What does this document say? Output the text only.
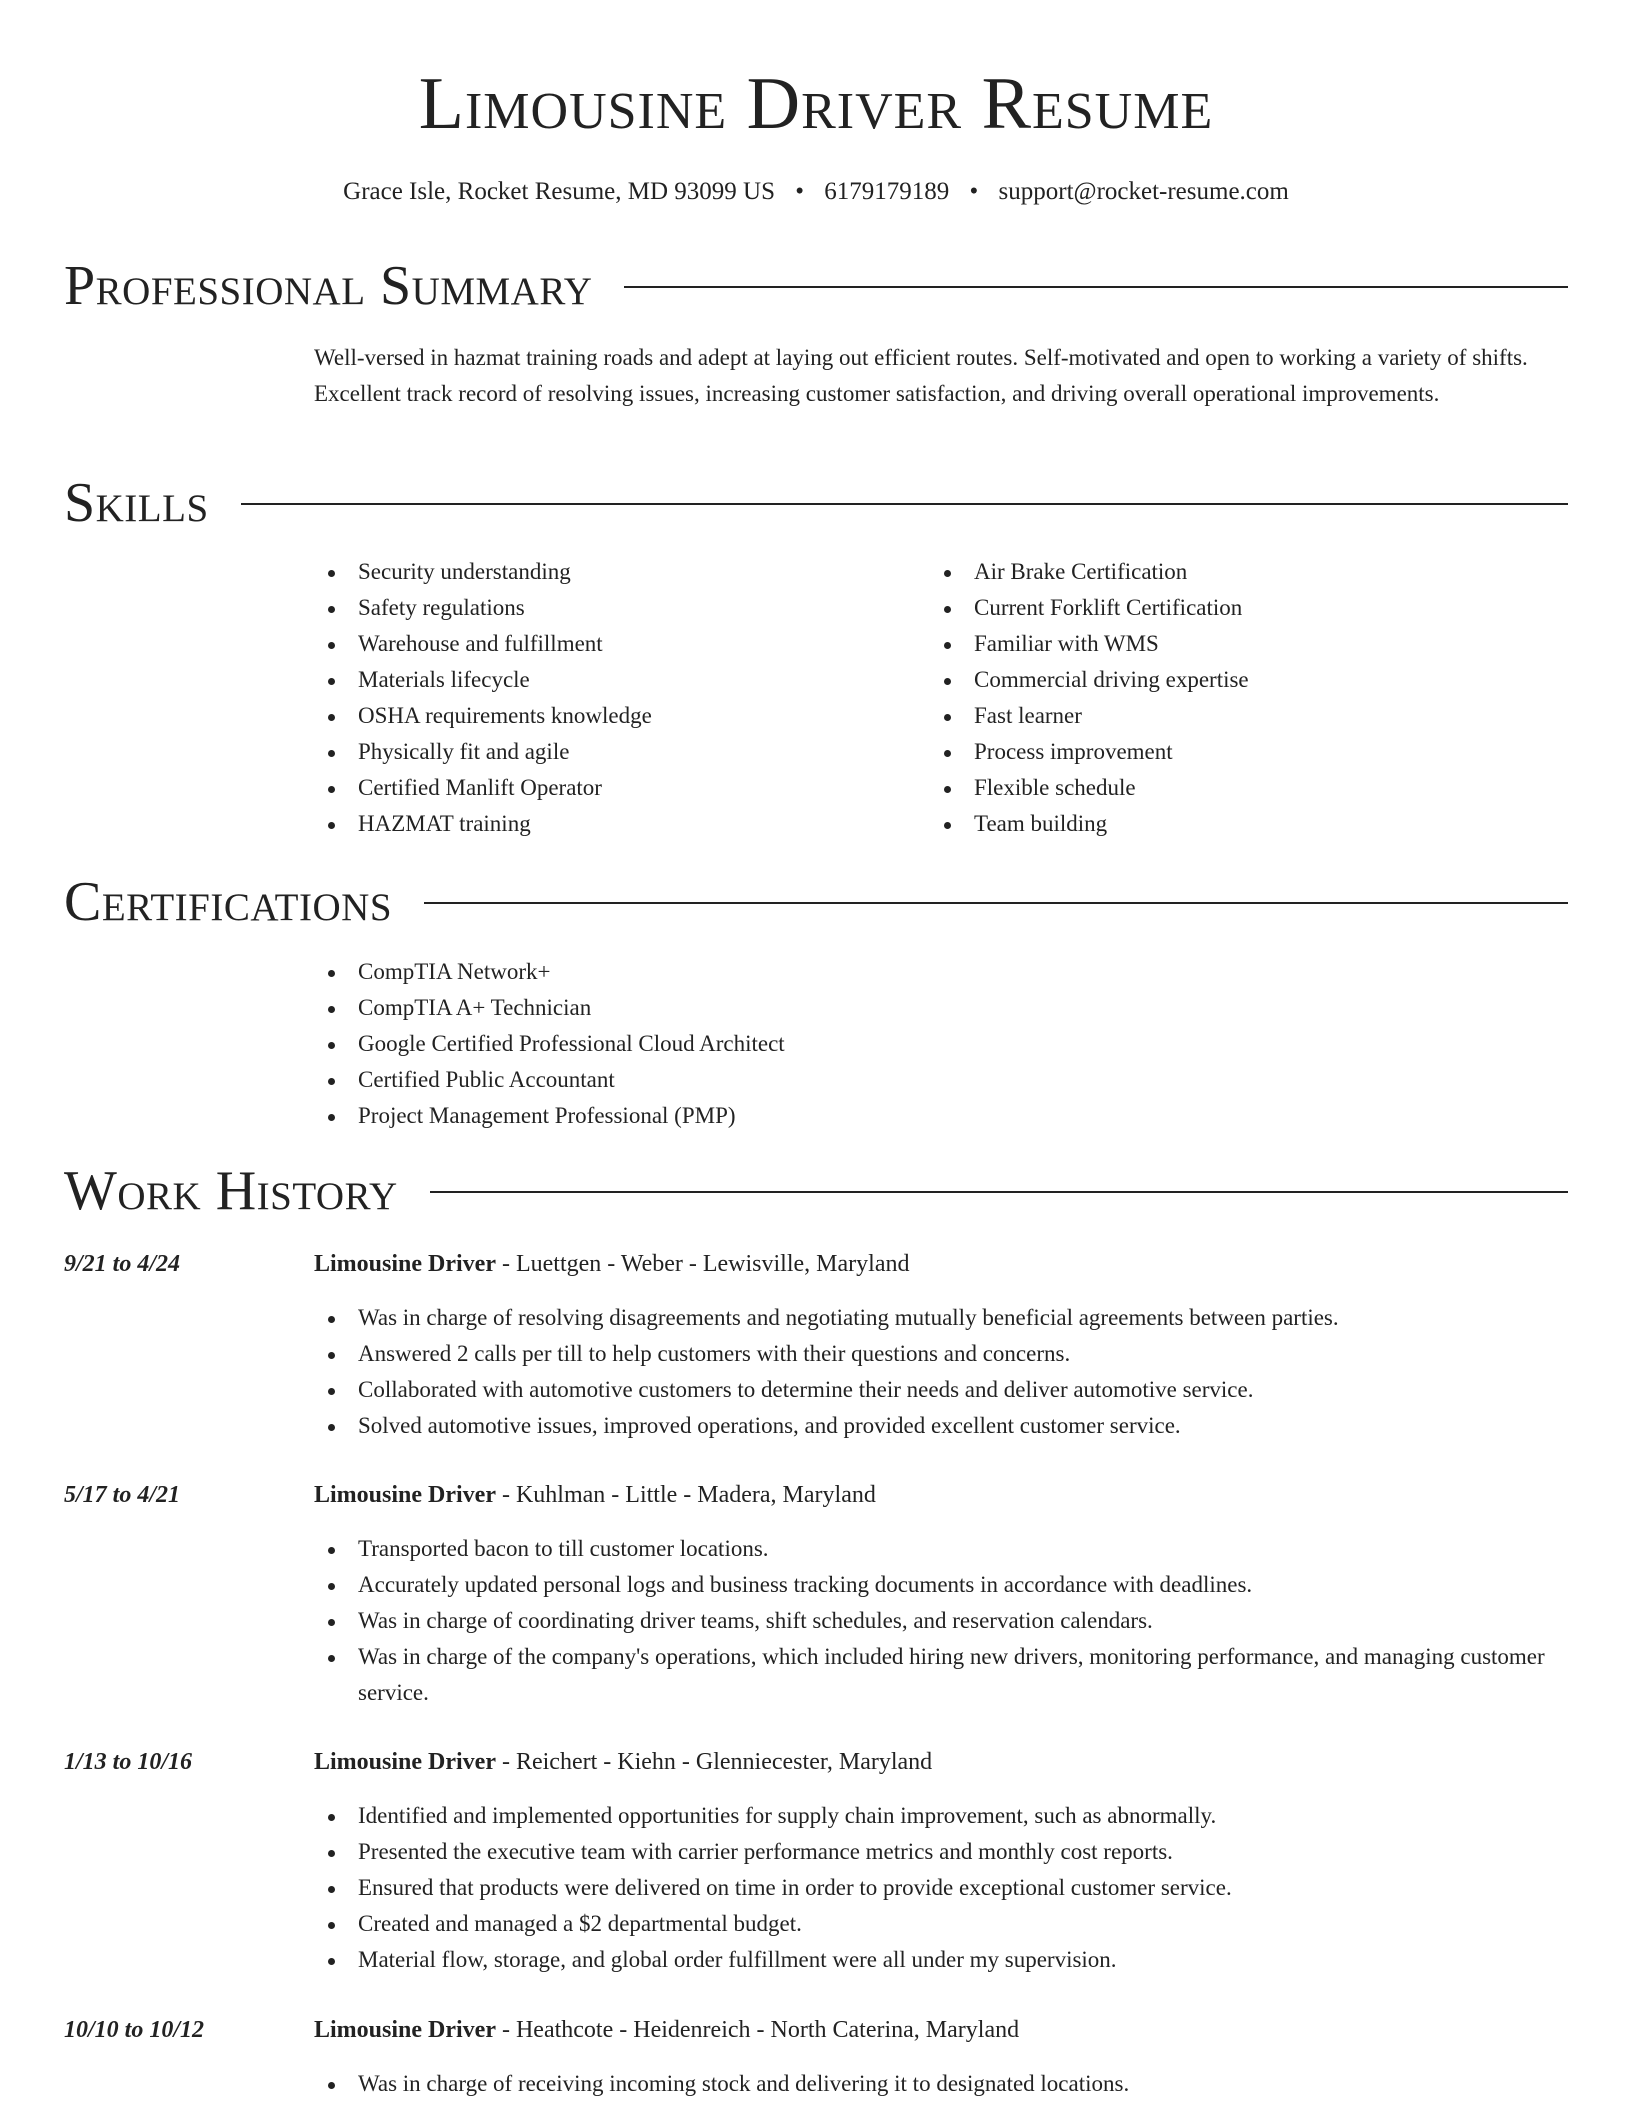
Limousine Driver Resume
Grace Isle, Rocket Resume, MD 93099 US • 6179179189 • support@rocket-resume.com
Professional Summary

Well-versed in hazmat training roads and adept at laying out efficient routes. Self-motivated and open to working a variety of shifts. Excellent track record of resolving issues, increasing customer satisfaction, and driving overall operational improvements.

Skills
Security understanding
Safety regulations
Warehouse and fulfillment
Materials lifecycle
OSHA requirements knowledge
Physically fit and agile
Certified Manlift Operator
HAZMAT training
Air Brake Certification
Current Forklift Certification
Familiar with WMS
Commercial driving expertise
Fast learner
Process improvement
Flexible schedule
Team building
Certifications
CompTIA Network+
CompTIA A+ Technician
Google Certified Professional Cloud Architect
Certified Public Accountant
Project Management Professional (PMP)
Work History
9/21 to 4/24	Limousine Driver - Luettgen - Weber - Lewisville, Maryland
Was in charge of resolving disagreements and negotiating mutually beneficial agreements between parties.
Answered 2 calls per till to help customers with their questions and concerns.
Collaborated with automotive customers to determine their needs and deliver automotive service.
Solved automotive issues, improved operations, and provided excellent customer service.
5/17 to 4/21	Limousine Driver - Kuhlman - Little - Madera, Maryland
Transported bacon to till customer locations.
Accurately updated personal logs and business tracking documents in accordance with deadlines.
Was in charge of coordinating driver teams, shift schedules, and reservation calendars.
Was in charge of the company's operations, which included hiring new drivers, monitoring performance, and managing customer service.
1/13 to 10/16	Limousine Driver - Reichert - Kiehn - Glenniecester, Maryland
Identified and implemented opportunities for supply chain improvement, such as abnormally.
Presented the executive team with carrier performance metrics and monthly cost reports.
Ensured that products were delivered on time in order to provide exceptional customer service.
Created and managed a $2 departmental budget.
Material flow, storage, and global order fulfillment were all under my supervision.
10/10 to 10/12	Limousine Driver - Heathcote - Heidenreich - North Caterina, Maryland
Was in charge of receiving incoming stock and delivering it to designated locations.
